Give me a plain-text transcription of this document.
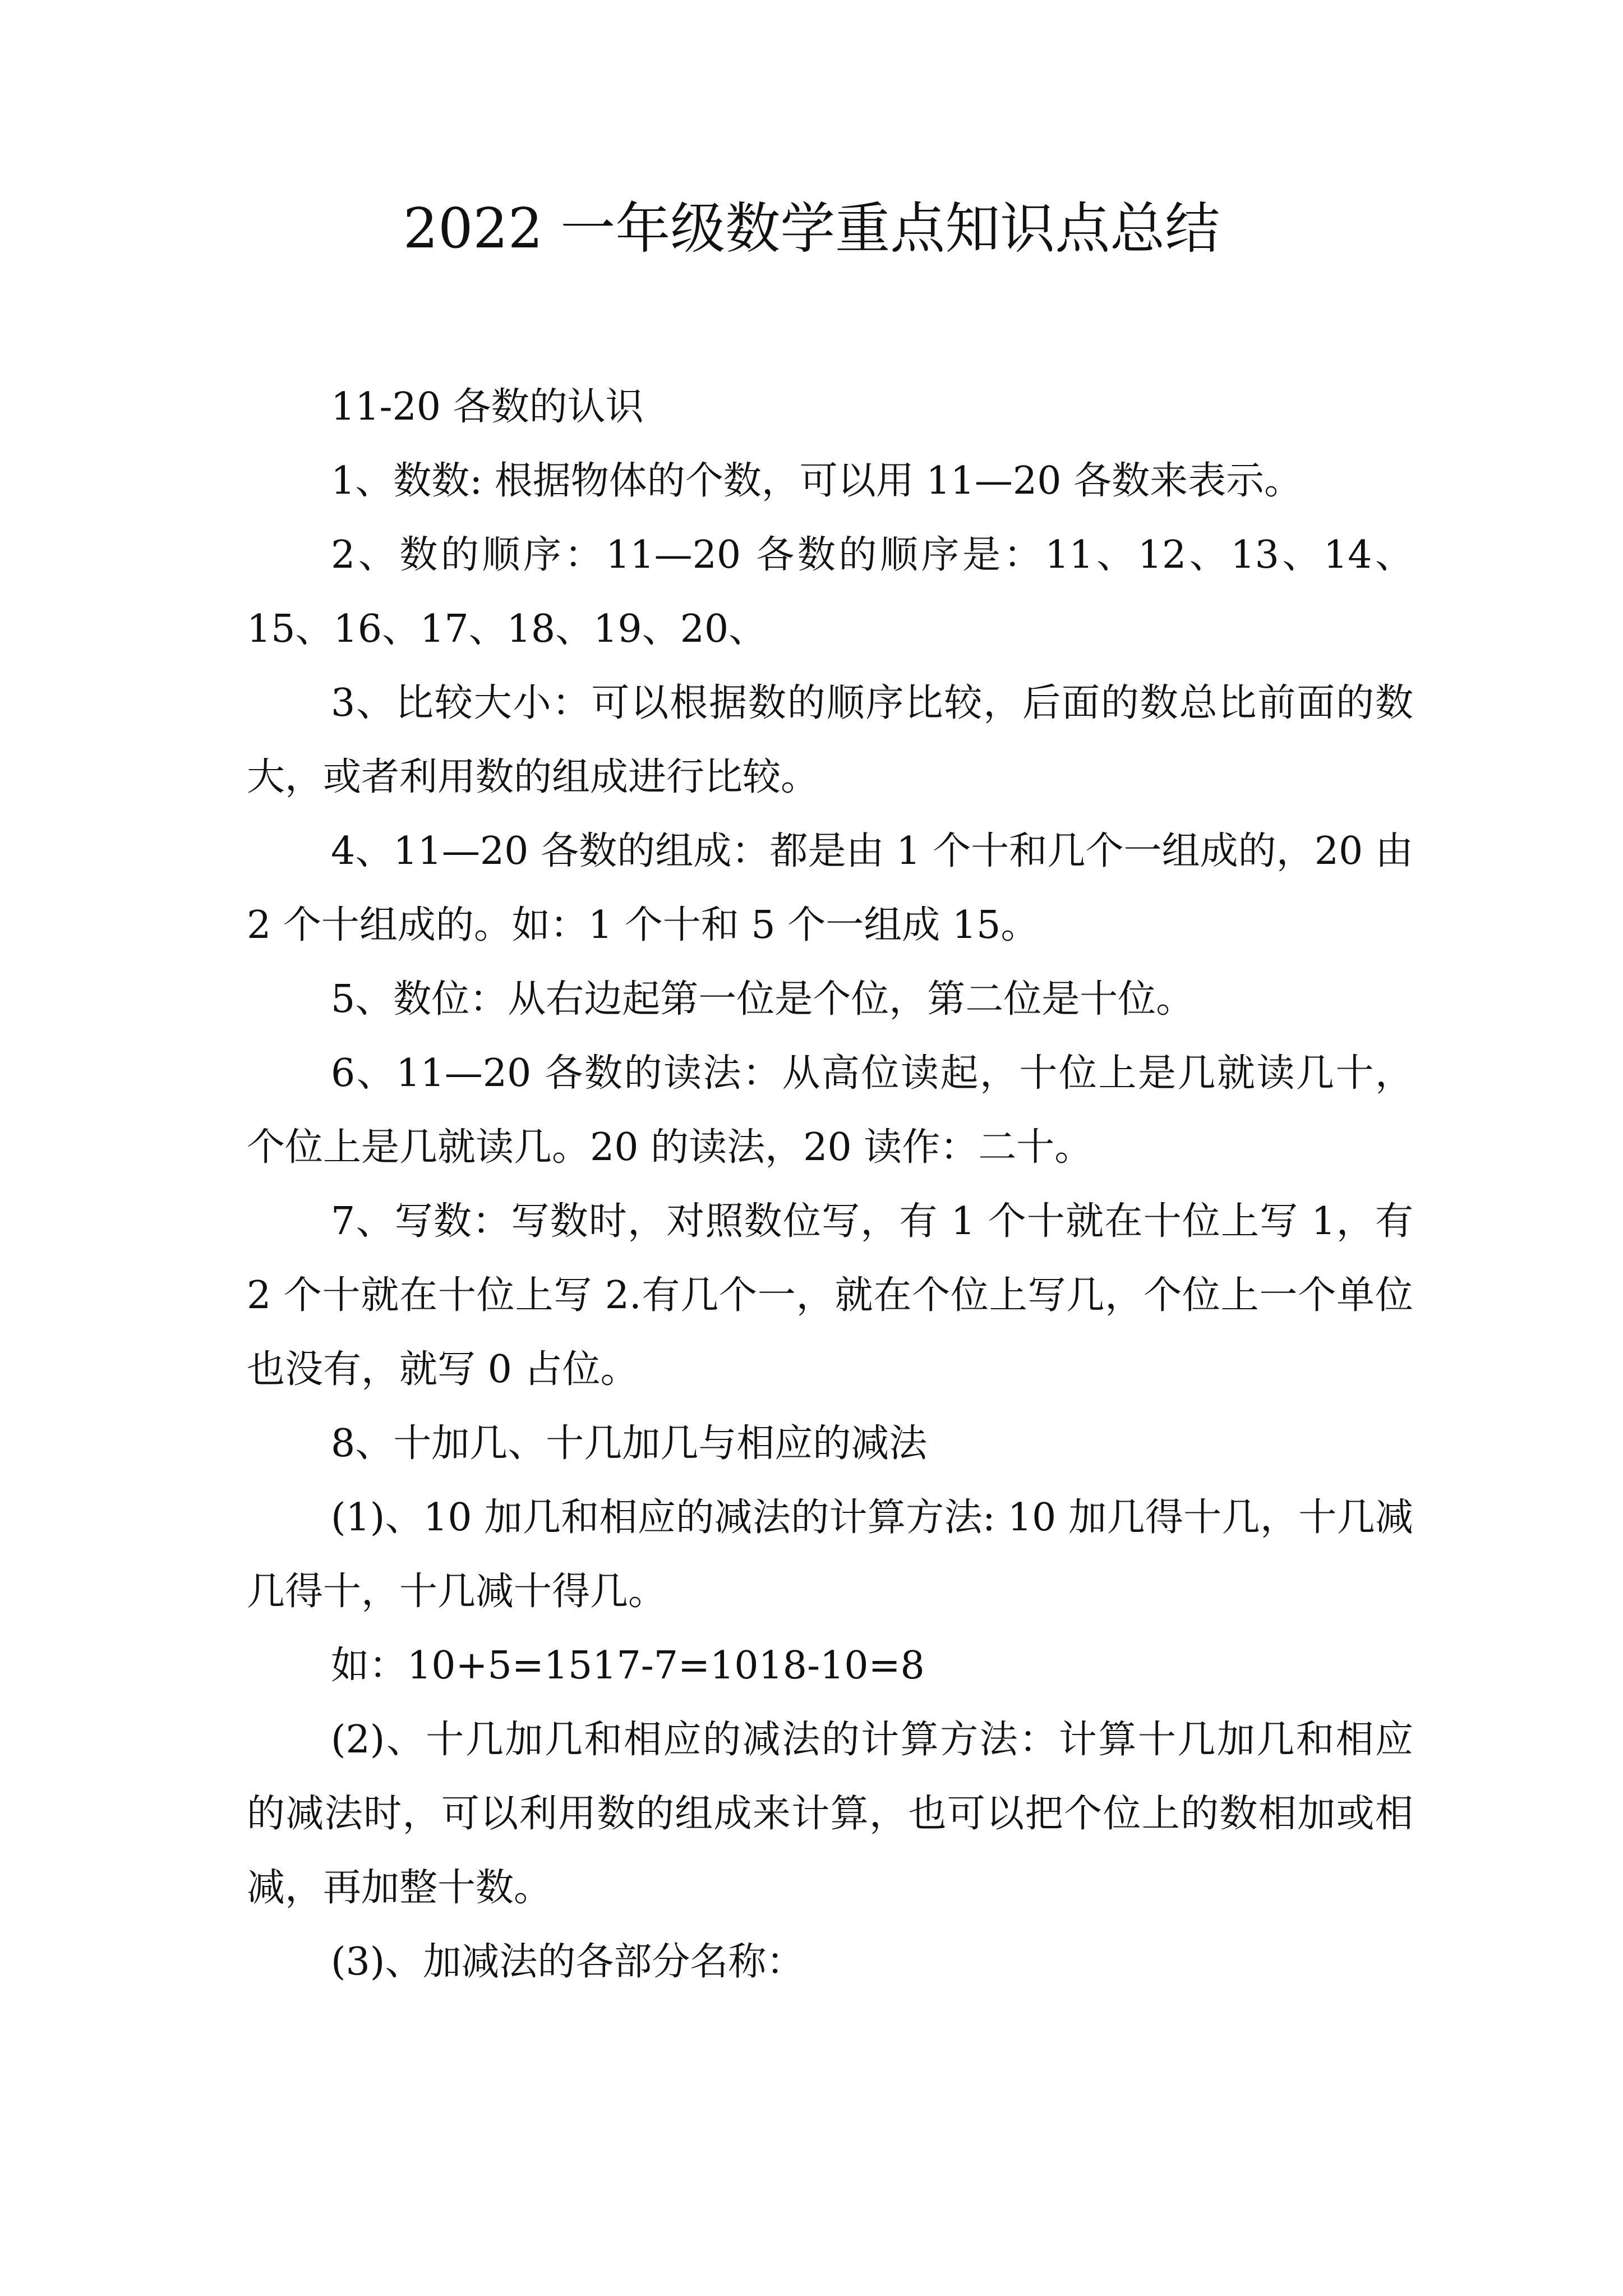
2022 一年级数学重点知识点总结

11-20 各数的认识

1、数数: 根据物体的个数，可以用 11—20 各数来表示。

2、数的顺序：11—20 各数的顺序是：11、12、13、14、15、16、17、18、19、20、

3、比较大小：可以根据数的顺序比较，后面的数总比前面的数大，或者利用数的组成进行比较。

4、11—20 各数的组成：都是由 1 个十和几个一组成的，20 由 2 个十组成的。如：1 个十和 5 个一组成 15。

5、数位：从右边起第一位是个位，第二位是十位。

6、11—20 各数的读法：从高位读起，十位上是几就读几十，个位上是几就读几。20 的读法，20 读作：二十。

7、写数：写数时，对照数位写，有 1 个十就在十位上写 1，有 2 个十就在十位上写 2.有几个一，就在个位上写几，个位上一个单位也没有，就写 0 占位。

8、十加几、十几加几与相应的减法

(1)、10 加几和相应的减法的计算方法: 10 加几得十几，十几减几得十，十几减十得几。

如：10+5=1517-7=1018-10=8

(2)、十几加几和相应的减法的计算方法：计算十几加几和相应的减法时，可以利用数的组成来计算，也可以把个位上的数相加或相减，再加整十数。

(3)、加减法的各部分名称：
